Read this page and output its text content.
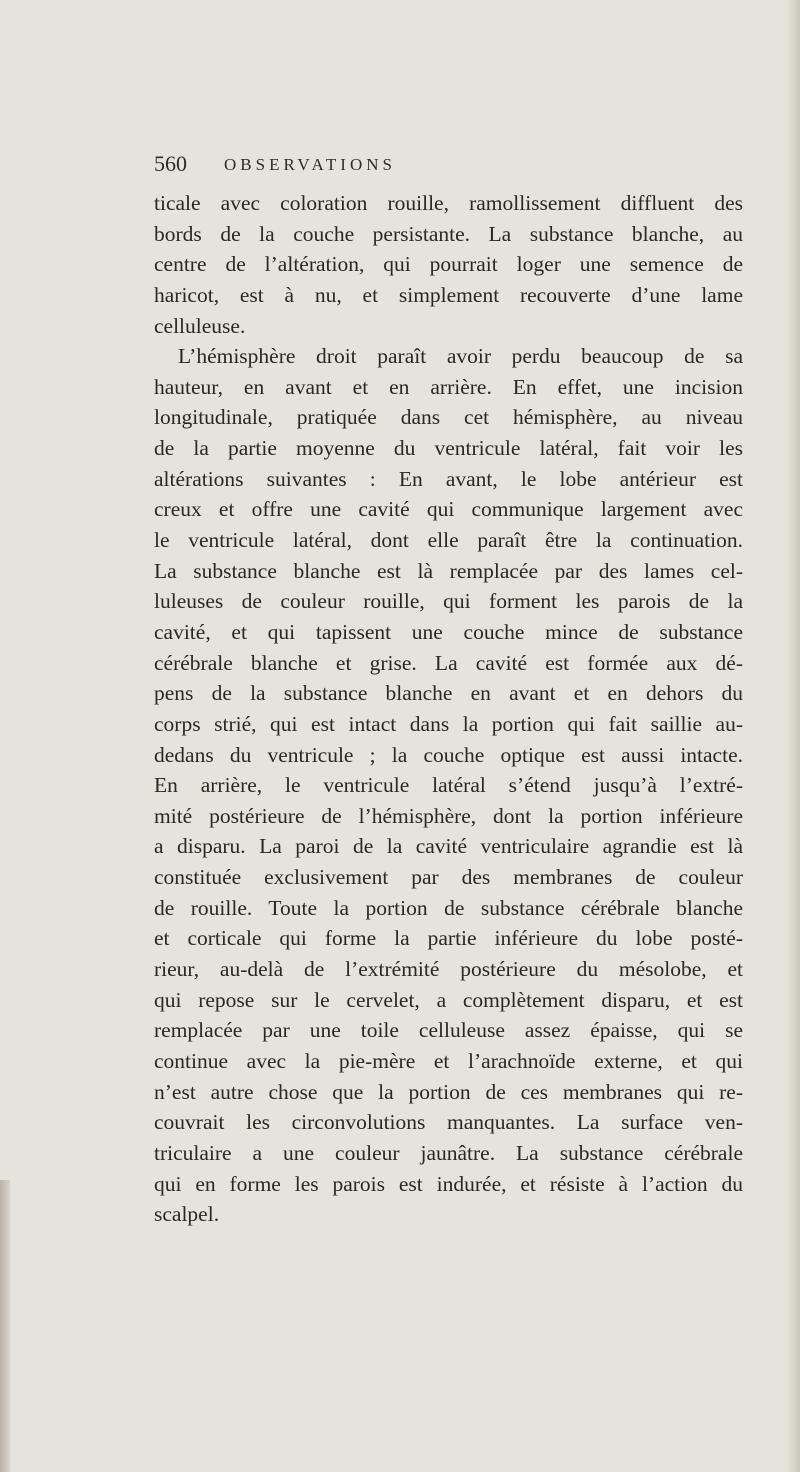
560 OBSERVATIONS
ticale avec coloration rouille, ramollissement diffluent des
bords de la couche persistante. La substance blanche, au
centre de l’altération, qui pourrait loger une semence de
haricot, est à nu, et simplement recouverte d’une lame
celluleuse.
L’hémisphère droit paraît avoir perdu beaucoup de sa
hauteur, en avant et en arrière. En effet, une incision
longitudinale, pratiquée dans cet hémisphère, au niveau
de la partie moyenne du ventricule latéral, fait voir les
altérations suivantes : En avant, le lobe antérieur est
creux et offre une cavité qui communique largement avec
le ventricule latéral, dont elle paraît être la continuation.
La substance blanche est là remplacée par des lames cel-
luleuses de couleur rouille, qui forment les parois de la
cavité, et qui tapissent une couche mince de substance
cérébrale blanche et grise. La cavité est formée aux dé-
pens de la substance blanche en avant et en dehors du
corps strié, qui est intact dans la portion qui fait saillie au-
dedans du ventricule ; la couche optique est aussi intacte.
En arrière, le ventricule latéral s’étend jusqu’à l’extré-
mité postérieure de l’hémisphère, dont la portion inférieure
a disparu. La paroi de la cavité ventriculaire agrandie est là
constituée exclusivement par des membranes de couleur
de rouille. Toute la portion de substance cérébrale blanche
et corticale qui forme la partie inférieure du lobe posté-
rieur, au-delà de l’extrémité postérieure du mésolobe, et
qui repose sur le cervelet, a complètement disparu, et est
remplacée par une toile celluleuse assez épaisse, qui se
continue avec la pie-mère et l’arachnoïde externe, et qui
n’est autre chose que la portion de ces membranes qui re-
couvrait les circonvolutions manquantes. La surface ven-
triculaire a une couleur jaunâtre. La substance cérébrale
qui en forme les parois est indurée, et résiste à l’action du
scalpel.
